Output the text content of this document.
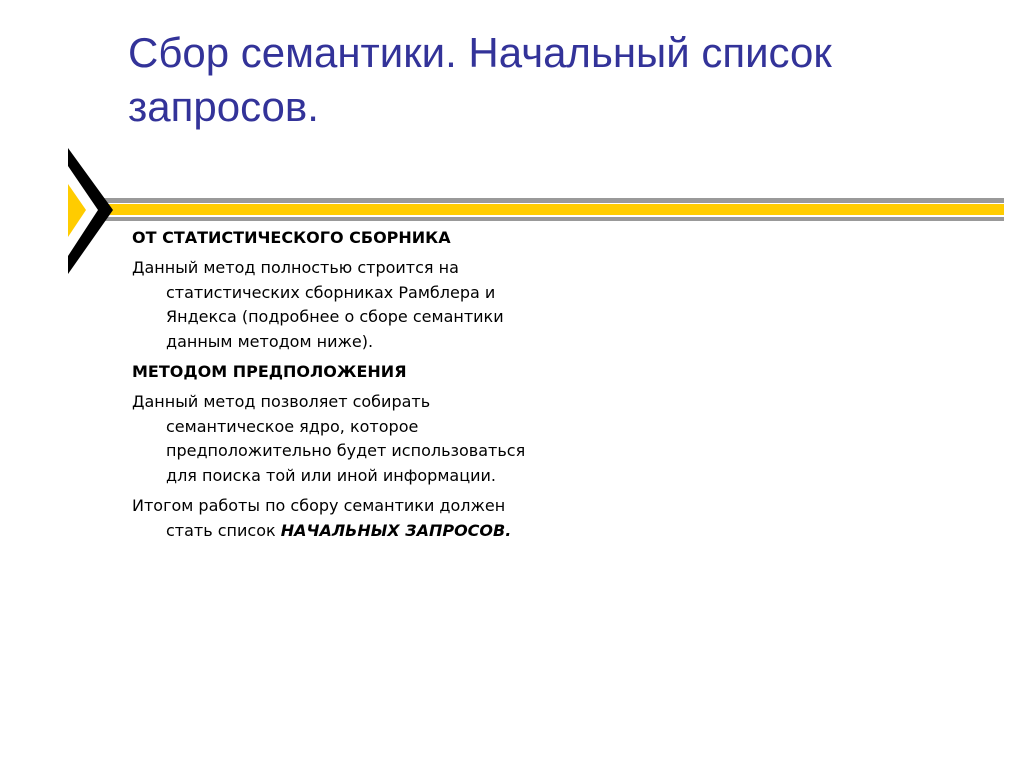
Сбор семантики. Начальный список
запросов.
ОТ СТАТИСТИЧЕСКОГО СБОРНИКА
Данный метод полностью строится на
статистических сборниках Рамблера и
Яндекса (подробнее о сборе семантики
данным методом ниже).
МЕТОДОМ ПРЕДПОЛОЖЕНИЯ
Данный метод позволяет собирать
семантическое ядро, которое
предположительно будет использоваться
для поиска той или иной информации.
Итогом работы по сбору семантики должен
стать список НАЧАЛЬНЫХ ЗАПРОСОВ.
